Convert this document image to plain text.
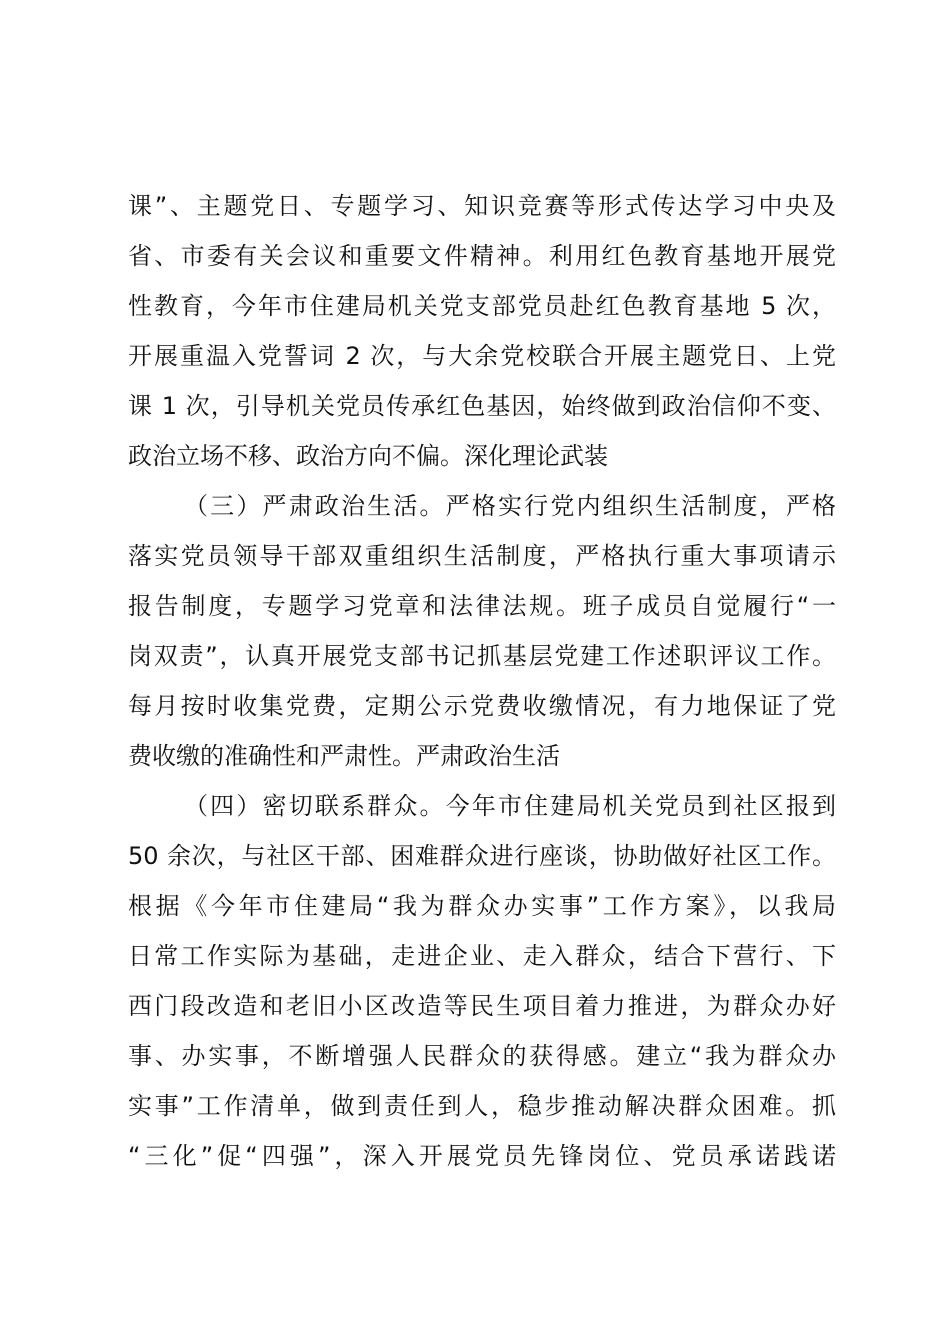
课”、主题党日、专题学习、知识竞赛等形式传达学习中央及
省、市委有关会议和重要文件精神。利用红色教育基地开展党
性教育，今年市住建局机关党支部党员赴红色教育基地 5 次，
开展重温入党誓词 2 次，与大余党校联合开展主题党日、上党
课 1 次，引导机关党员传承红色基因，始终做到政治信仰不变、
政治立场不移、政治方向不偏。深化理论武装
（三）严肃政治生活。严格实行党内组织生活制度，严格
落实党员领导干部双重组织生活制度，严格执行重大事项请示
报告制度，专题学习党章和法律法规。班子成员自觉履行“一
岗双责”，认真开展党支部书记抓基层党建工作述职评议工作。
每月按时收集党费，定期公示党费收缴情况，有力地保证了党
费收缴的准确性和严肃性。严肃政治生活
（四）密切联系群众。今年市住建局机关党员到社区报到
50 余次，与社区干部、困难群众进行座谈，协助做好社区工作。
根据《今年市住建局“我为群众办实事”工作方案》，以我局
日常工作实际为基础，走进企业、走入群众，结合下营行、下
西门段改造和老旧小区改造等民生项目着力推进，为群众办好
事、办实事，不断增强人民群众的获得感。建立“我为群众办
实事”工作清单，做到责任到人，稳步推动解决群众困难。抓
“三化”促“四强”，深入开展党员先锋岗位、党员承诺践诺
